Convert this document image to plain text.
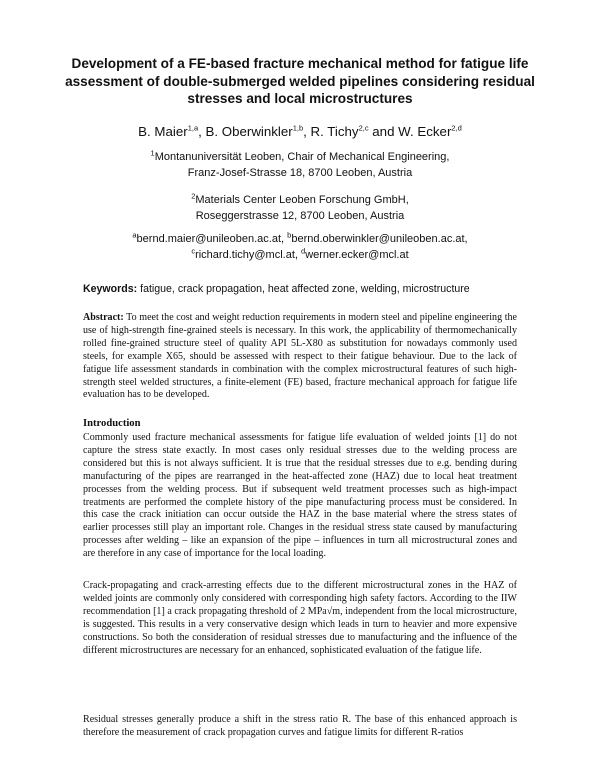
Development of a FE-based fracture mechanical method for fatigue life assessment of double-submerged welded pipelines considering residual stresses and local microstructures

B. Maier$^{1,a}$, B. Oberwinkler$^{1,b}$, R. Tichy$^{2,c}$ and W. Ecker$^{2,d}$

$^1$Montanuniversität Leoben, Chair of Mechanical Engineering,
Franz-Josef-Strasse 18, 8700 Leoben, Austria

$^2$Materials Center Leoben Forschung GmbH,
Roseggerstrasse 12, 8700 Leoben, Austria

$^a$bernd.maier@unileoben.ac.at, $^b$bernd.oberwinkler@unileoben.ac.at,
$^c$richard.tichy@mcl.at, $^d$werner.ecker@mcl.at

Keywords: fatigue, crack propagation, heat affected zone, welding, microstructure

Abstract: To meet the cost and weight reduction requirements in modern steel and pipeline engineering the use of high-strength fine-grained steels is necessary. In this work, the applicability of thermomechanically rolled fine-grained structure steel of quality API 5L-X80 as substitution for nowadays commonly used steels, for example X65, should be assessed with respect to their fatigue behaviour. Due to the lack of fatigue life assessment standards in combination with the complex microstructural features of such high-strength steel welded structures, a finite-element (FE) based, fracture mechanical approach for fatigue life evaluation has to be developed.

Introduction

Commonly used fracture mechanical assessments for fatigue life evaluation of welded joints [1] do not capture the stress state exactly. In most cases only residual stresses due to the welding process are considered but this is not always sufficient. It is true that the residual stresses due to e.g. bending during manufacturing of the pipes are rearranged in the heat-affected zone (HAZ) due to local heat treatment processes from the welding process. But if subsequent weld treatment processes such as high-impact treatments are performed the complete history of the pipe manufacturing process must be considered. In this case the crack initiation can occur outside the HAZ in the base material where the stress states of earlier processes still play an important role. Changes in the residual stress state caused by manufacturing processes after welding – like an expansion of the pipe – influences in turn all microstructural zones and are therefore in any case of importance for the local loading.

Crack-propagating and crack-arresting effects due to the different microstructural zones in the HAZ of welded joints are commonly only considered with corresponding high safety factors. According to the IIW recommendation [1] a crack propagating threshold of 2 MPa√m, independent from the local microstructure, is suggested. This results in a very conservative design which leads in turn to heavier and more expensive constructions. So both the consideration of residual stresses due to manufacturing and the influence of the different microstructures are necessary for an enhanced, sophisticated evaluation of the fatigue life.

Residual stresses generally produce a shift in the stress ratio R. The base of this enhanced approach is therefore the measurement of crack propagation curves and fatigue limits for different R-ratios
